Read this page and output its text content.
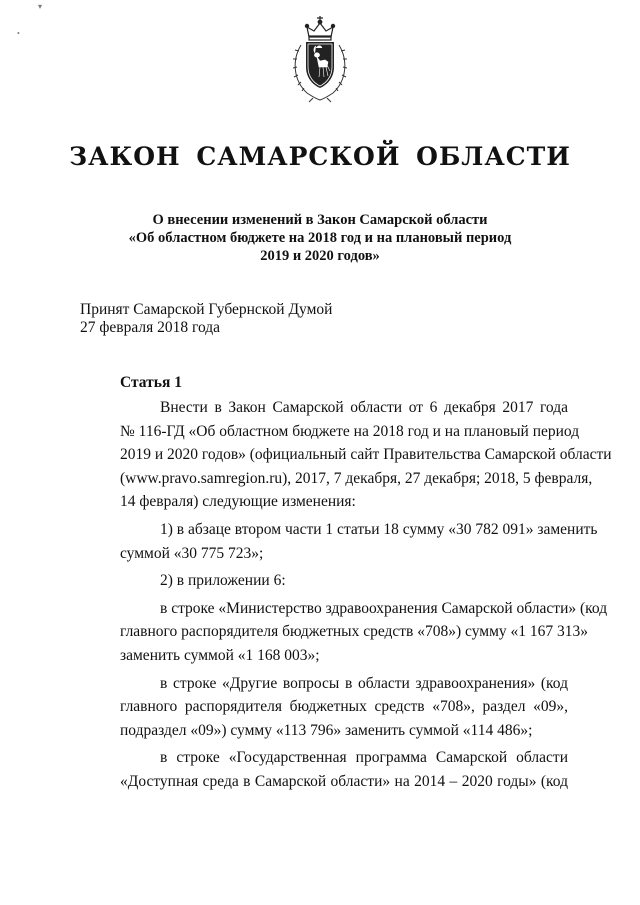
▾
•
ЗАКОН САМАРСКОЙ ОБЛАСТИ
О внесении изменений в Закон Самарской области
«Об областном бюджете на 2018 год и на плановый период
2019 и 2020 годов»
Принят Самарской Губернской Думой
27 февраля 2018 года
Статья 1
Внести в Закон Самарской области от 6 декабря 2017 года
№ 116-ГД «Об областном бюджете на 2018 год и на плановый период
2019 и 2020 годов» (официальный сайт Правительства Самарской области
(www.pravo.samregion.ru), 2017, 7 декабря, 27 декабря; 2018, 5 февраля,
14 февраля) следующие изменения:
1) в абзаце втором части 1 статьи 18 сумму «30 782 091» заменить
суммой «30 775 723»;
2) в приложении 6:
в строке «Министерство здравоохранения Самарской области» (код
главного распорядителя бюджетных средств «708») сумму «1 167 313»
заменить суммой «1 168 003»;
в строке «Другие вопросы в области здравоохранения» (код
главного распорядителя бюджетных средств «708», раздел «09»,
подраздел «09») сумму «113 796» заменить суммой «114 486»;
в строке «Государственная программа Самарской области
«Доступная среда в Самарской области» на 2014 – 2020 годы» (код
